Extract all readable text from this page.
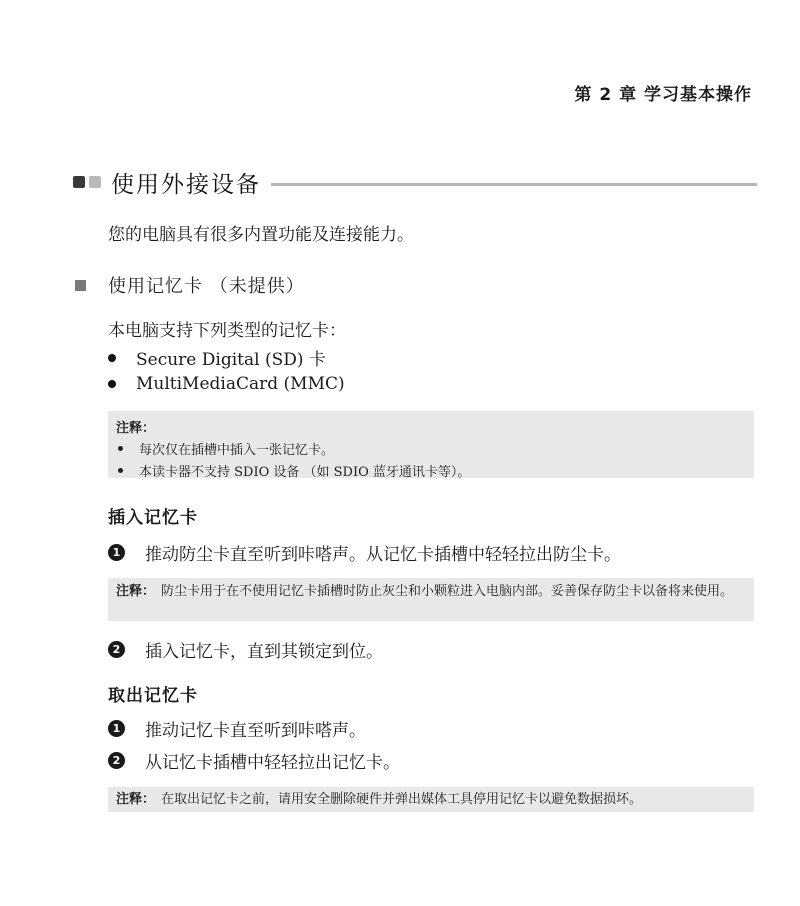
第 2 章 学习基本操作
使用外接设备
您的电脑具有很多内置功能及连接能力。
使用记忆卡 （未提供）
本电脑支持下列类型的记忆卡：
Secure Digital (SD) 卡
MultiMediaCard (MMC)
注释：
每次仅在插槽中插入一张记忆卡。
本读卡器不支持 SDIO 设备 （如 SDIO 蓝牙通讯卡等）。
插入记忆卡
1 推动防尘卡直至听到咔嗒声。从记忆卡插槽中轻轻拉出防尘卡。
注释： 防尘卡用于在不使用记忆卡插槽时防止灰尘和小颗粒进入电脑内部。妥善保存防尘卡以备将来使用。
2 插入记忆卡，直到其锁定到位。
取出记忆卡
1 推动记忆卡直至听到咔嗒声。
2 从记忆卡插槽中轻轻拉出记忆卡。
注释： 在取出记忆卡之前，请用安全删除硬件并弹出媒体工具停用记忆卡以避免数据损坏。
